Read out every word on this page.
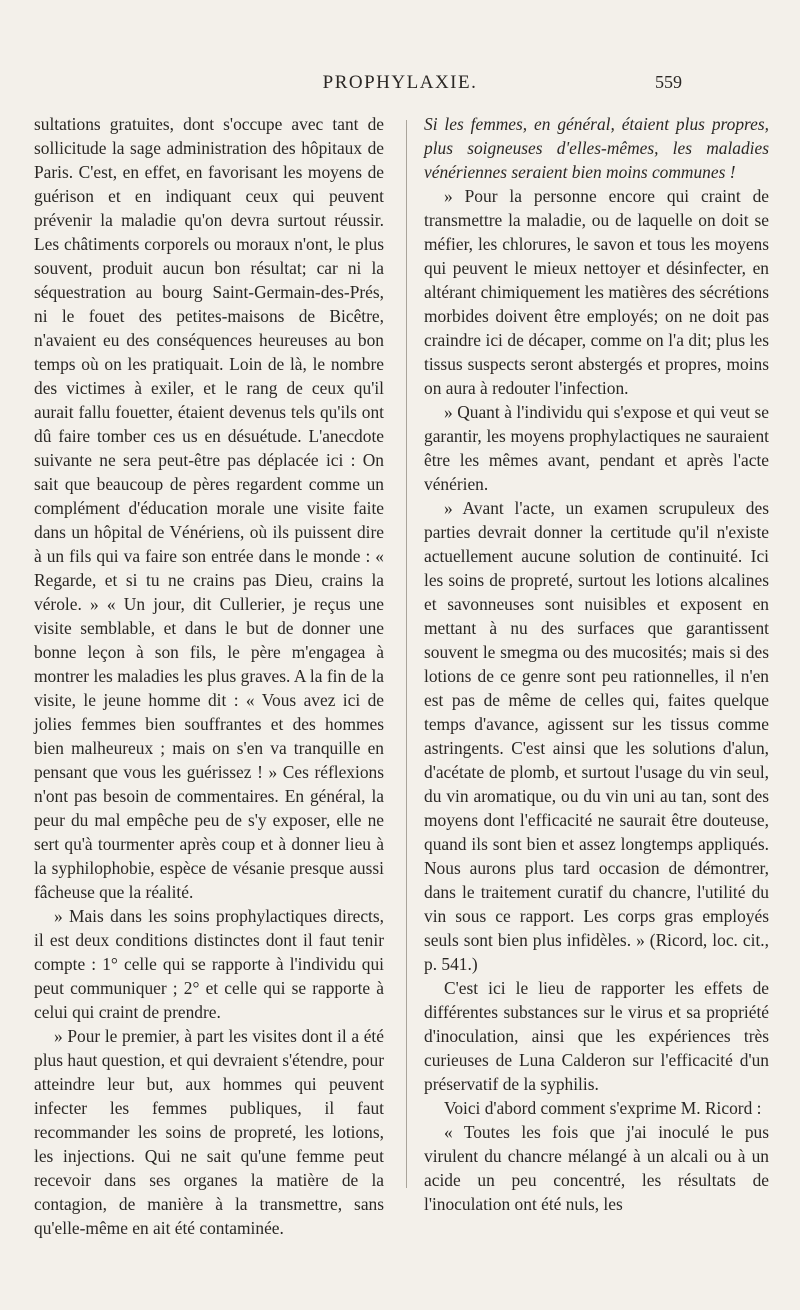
PROPHYLAXIE.	559

sultations gratuites, dont s'occupe avec tant de sollicitude la sage administration des hôpitaux de Paris. C'est, en effet, en favorisant les moyens de guérison et en indiquant ceux qui peuvent prévenir la maladie qu'on devra surtout réussir. Les châtiments corporels ou moraux n'ont, le plus souvent, produit aucun bon résultat; car ni la séquestration au bourg Saint-Germain-des-Prés, ni le fouet des petites-maisons de Bicêtre, n'avaient eu des conséquences heureuses au bon temps où on les pratiquait. Loin de là, le nombre des victimes à exiler, et le rang de ceux qu'il aurait fallu fouetter, étaient devenus tels qu'ils ont dû faire tomber ces us en désuétude. L'anecdote suivante ne sera peut-être pas déplacée ici : On sait que beaucoup de pères regardent comme un complément d'éducation morale une visite faite dans un hôpital de Vénériens, où ils puissent dire à un fils qui va faire son entrée dans le monde : « Regarde, et si tu ne crains pas Dieu, crains la vérole. » « Un jour, dit Cullerier, je reçus une visite semblable, et dans le but de donner une bonne leçon à son fils, le père m'engagea à montrer les maladies les plus graves. A la fin de la visite, le jeune homme dit : « Vous avez ici de jolies femmes bien souffrantes et des hommes bien malheureux ; mais on s'en va tranquille en pensant que vous les guérissez ! » Ces réflexions n'ont pas besoin de commentaires. En général, la peur du mal empêche peu de s'y exposer, elle ne sert qu'à tourmenter après coup et à donner lieu à la syphilophobie, espèce de vésanie presque aussi fâcheuse que la réalité.

» Mais dans les soins prophylactiques directs, il est deux conditions distinctes dont il faut tenir compte : 1° celle qui se rapporte à l'individu qui peut communiquer ; 2° et celle qui se rapporte à celui qui craint de prendre.

» Pour le premier, à part les visites dont il a été plus haut question, et qui devraient s'étendre, pour atteindre leur but, aux hommes qui peuvent infecter les femmes publiques, il faut recommander les soins de propreté, les lotions, les injections. Qui ne sait qu'une femme peut recevoir dans ses organes la matière de la contagion, de manière à la transmettre, sans qu'elle-même en ait été contaminée.

Si les femmes, en général, étaient plus propres, plus soigneuses d'elles-mêmes, les maladies vénériennes seraient bien moins communes !

» Pour la personne encore qui craint de transmettre la maladie, ou de laquelle on doit se méfier, les chlorures, le savon et tous les moyens qui peuvent le mieux nettoyer et désinfecter, en altérant chimiquement les matières des sécrétions morbides doivent être employés; on ne doit pas craindre ici de décaper, comme on l'a dit; plus les tissus suspects seront abstergés et propres, moins on aura à redouter l'infection.

» Quant à l'individu qui s'expose et qui veut se garantir, les moyens prophylactiques ne sauraient être les mêmes avant, pendant et après l'acte vénérien.

» Avant l'acte, un examen scrupuleux des parties devrait donner la certitude qu'il n'existe actuellement aucune solution de continuité. Ici les soins de propreté, surtout les lotions alcalines et savonneuses sont nuisibles et exposent en mettant à nu des surfaces que garantissent souvent le smegma ou des mucosités; mais si des lotions de ce genre sont peu rationnelles, il n'en est pas de même de celles qui, faites quelque temps d'avance, agissent sur les tissus comme astringents. C'est ainsi que les solutions d'alun, d'acétate de plomb, et surtout l'usage du vin seul, du vin aromatique, ou du vin uni au tan, sont des moyens dont l'efficacité ne saurait être douteuse, quand ils sont bien et assez longtemps appliqués. Nous aurons plus tard occasion de démontrer, dans le traitement curatif du chancre, l'utilité du vin sous ce rapport. Les corps gras employés seuls sont bien plus infidèles. » (Ricord, loc. cit., p. 541.)

C'est ici le lieu de rapporter les effets de différentes substances sur le virus et sa propriété d'inoculation, ainsi que les expériences très curieuses de Luna Calderon sur l'efficacité d'un préservatif de la syphilis.

Voici d'abord comment s'exprime M. Ricord :

« Toutes les fois que j'ai inoculé le pus virulent du chancre mélangé à un alcali ou à un acide un peu concentré, les résultats de l'inoculation ont été nuls, les
